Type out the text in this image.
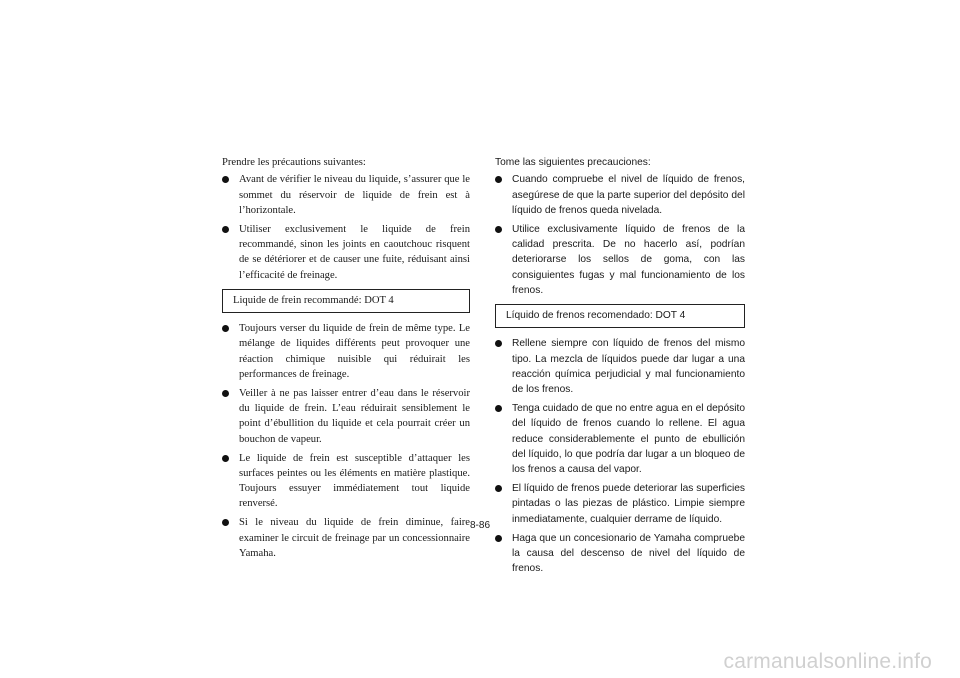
Prendre les précautions suivantes:

Avant de vérifier le niveau du liquide, s’assurer que le sommet du réservoir de liquide de frein est à l’horizontale.
Utiliser exclusivement le liquide de frein recommandé, sinon les joints en caoutchouc risquent de se détériorer et de causer une fuite, réduisant ainsi l’efficacité de freinage.
Liquide de frein recommandé: DOT 4
Toujours verser du liquide de frein de même type. Le mélange de liquides différents peut provoquer une réaction chimique nuisible qui réduirait les performances de freinage.
Veiller à ne pas laisser entrer d’eau dans le réservoir du liquide de frein. L’eau réduirait sensiblement le point d’ébullition du liquide et cela pourrait créer un bouchon de vapeur.
Le liquide de frein est susceptible d’attaquer les surfaces peintes ou les éléments en matière plastique. Toujours essuyer immédiatement tout liquide renversé.
Si le niveau du liquide de frein diminue, faire examiner le circuit de freinage par un concessionnaire Yamaha.

Tome las siguientes precauciones:

Cuando compruebe el nivel de líquido de frenos, asegúrese de que la parte superior del depósito del líquido de frenos queda nivelada.
Utilice exclusivamente líquido de frenos de la calidad prescrita. De no hacerlo así, podrían deteriorarse los sellos de goma, con las consiguientes fugas y mal funcionamiento de los frenos.
Líquido de frenos recomendado: DOT 4
Rellene siempre con líquido de frenos del mismo tipo. La mezcla de líquidos puede dar lugar a una reacción química perjudicial y mal funcionamiento de los frenos.
Tenga cuidado de que no entre agua en el depósito del líquido de frenos cuando lo rellene. El agua reduce considerablemente el punto de ebullición del líquido, lo que podría dar lugar a un bloqueo de los frenos a causa del vapor.
El líquido de frenos puede deteriorar las superficies pintadas o las piezas de plástico. Limpie siempre inmediatamente, cualquier derrame de líquido.
Haga que un concesionario de Yamaha compruebe la causa del descenso de nivel del líquido de frenos.
8-86
carmanualsonline.info
